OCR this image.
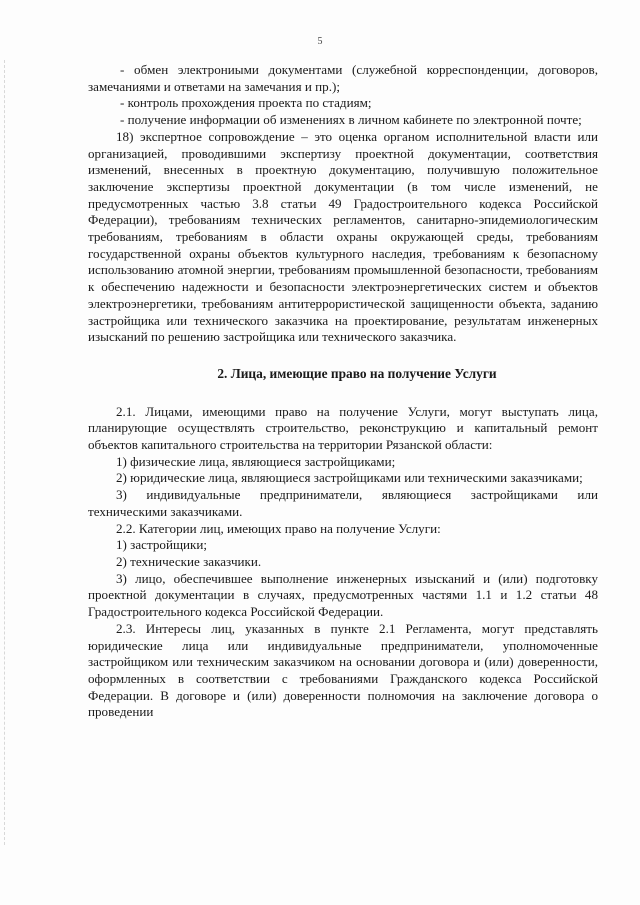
5

- обмен электрониыми документами (служебной корреспонденции, договоров, замечаниями и ответами на замечания и пр.);

- контроль прохождения проекта по стадиям;

- получение информации об изменениях в личном кабинете по электронной почте;

18) экспертное сопровождение – это оценка органом исполнительной власти или организацией, проводившими экспертизу проектной документации, соответствия изменений, внесенных в проектную документацию, получившую положительное заключение экспертизы проектной документации (в том числе изменений, не предусмотренных частью 3.8 статьи 49 Градостроительного кодекса Российской Федерации), требованиям технических регламентов, санитарно-эпидемиологическим требованиям, требованиям в области охраны окружающей среды, требованиям государственной охраны объектов культурного наследия, требованиям к безопасному использованию атомной энергии, требованиям промышленной безопасности, требованиям к обеспечению надежности и безопасности электроэнергетических систем и объектов электроэнергетики, требованиям антитеррористической защищенности объекта, заданию застройщика или технического заказчика на проектирование, результатам инженерных изысканий по решению застройщика или технического заказчика.

2. Лица, имеющие право на получение Услуги

2.1. Лицами, имеющими право на получение Услуги, могут выступать лица, планирующие осуществлять строительство, реконструкцию и капитальный ремонт объектов капитального строительства на территории Рязанской области:

1) физические лица, являющиеся застройщиками;

2) юридические лица, являющиеся застройщиками или техническими заказчиками;

3) индивидуальные предприниматели, являющиеся застройщиками или техническими заказчиками.

2.2. Категории лиц, имеющих право на получение Услуги:

1) застройщики;

2) технические заказчики.

3) лицо, обеспечившее выполнение инженерных изысканий и (или) подготовку проектной документации в случаях, предусмотренных частями 1.1 и 1.2 статьи 48 Градостроительного кодекса Российской Федерации.

2.3. Интересы лиц, указанных в пункте 2.1 Регламента, могут представлять юридические лица или индивидуальные предприниматели, уполномоченные застройщиком или техническим заказчиком на основании договора и (или) доверенности, оформленных в соответствии с требованиями Гражданского кодекса Российской Федерации. В договоре и (или) доверенности полномочия на заключение договора о проведении
